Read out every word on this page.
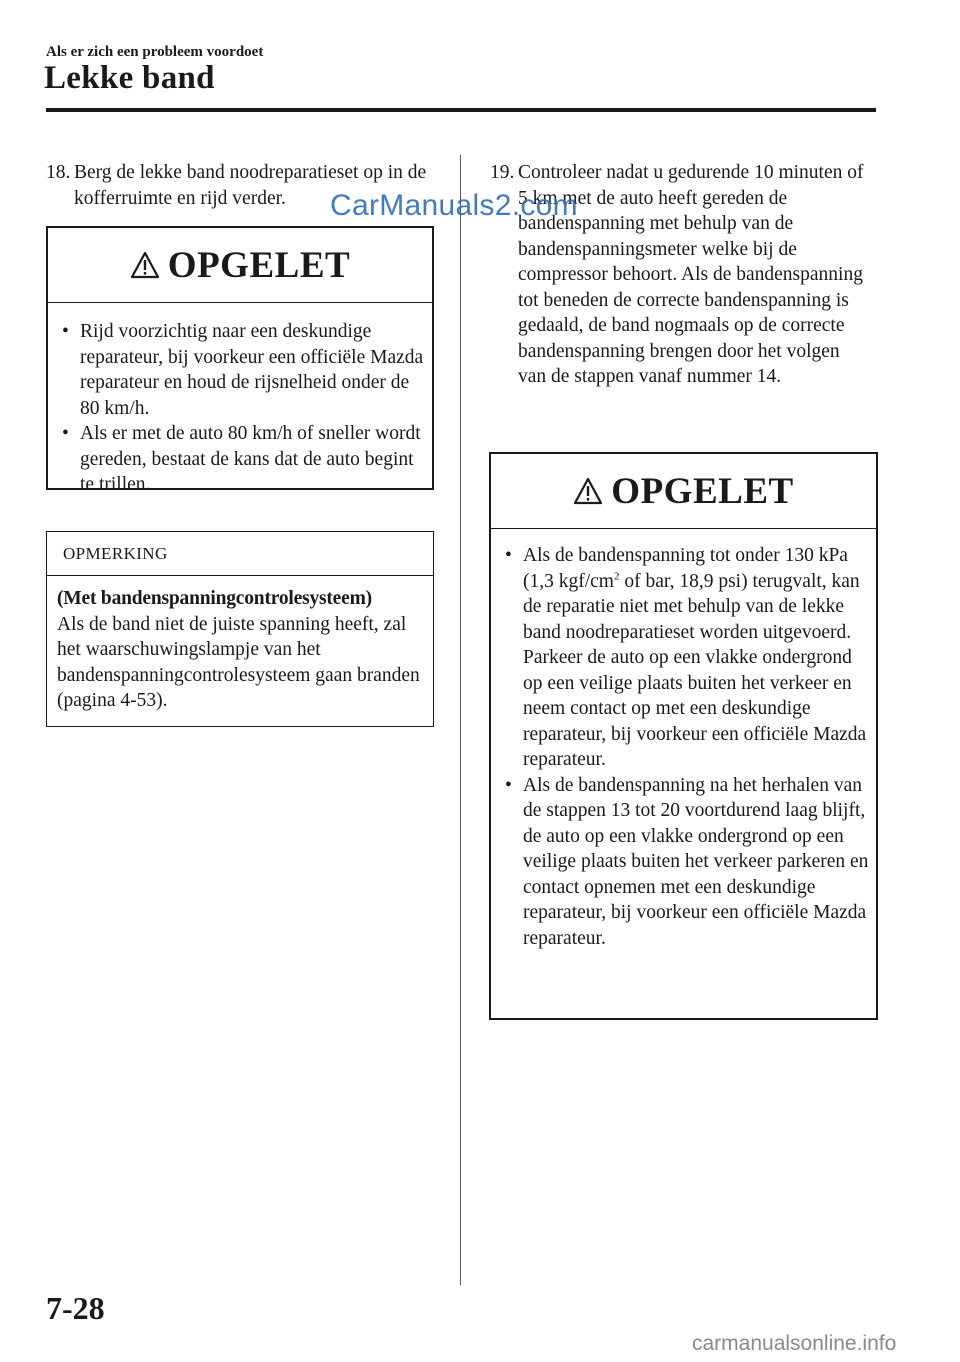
Als er zich een probleem voordoet
Lekke band
18. Berg de lekke band noodreparatieset op in de kofferruimte en rijd verder.
OPGELET
• Rijd voorzichtig naar een deskundige reparateur, bij voorkeur een officiële Mazda reparateur en houd de rijsnelheid onder de 80 km/h.
• Als er met de auto 80 km/h of sneller wordt gereden, bestaat de kans dat de auto begint te trillen.
OPMERKING
(Met bandenspanningcontrolesysteem)
Als de band niet de juiste spanning heeft, zal het waarschuwingslampje van het bandenspanningcontrolesysteem gaan branden (pagina 4-53).
19. Controleer nadat u gedurende 10 minuten of 5 km met de auto heeft gereden de bandenspanning met behulp van de bandenspanningsmeter welke bij de compressor behoort. Als de bandenspanning tot beneden de correcte bandenspanning is gedaald, de band nogmaals op de correcte bandenspanning brengen door het volgen van de stappen vanaf nummer 14.
OPGELET
• Als de bandenspanning tot onder 130 kPa (1,3 kgf/$cm^2$ of bar, 18,9 psi) terugvalt, kan de reparatie niet met behulp van de lekke band noodreparatieset worden uitgevoerd. Parkeer de auto op een vlakke ondergrond op een veilige plaats buiten het verkeer en neem contact op met een deskundige reparateur, bij voorkeur een officiële Mazda reparateur.
• Als de bandenspanning na het herhalen van de stappen 13 tot 20 voortdurend laag blijft, de auto op een vlakke ondergrond op een veilige plaats buiten het verkeer parkeren en contact opnemen met een deskundige reparateur, bij voorkeur een officiële Mazda reparateur.
CarManuals2.com
7-28
carmanualsonline.info
